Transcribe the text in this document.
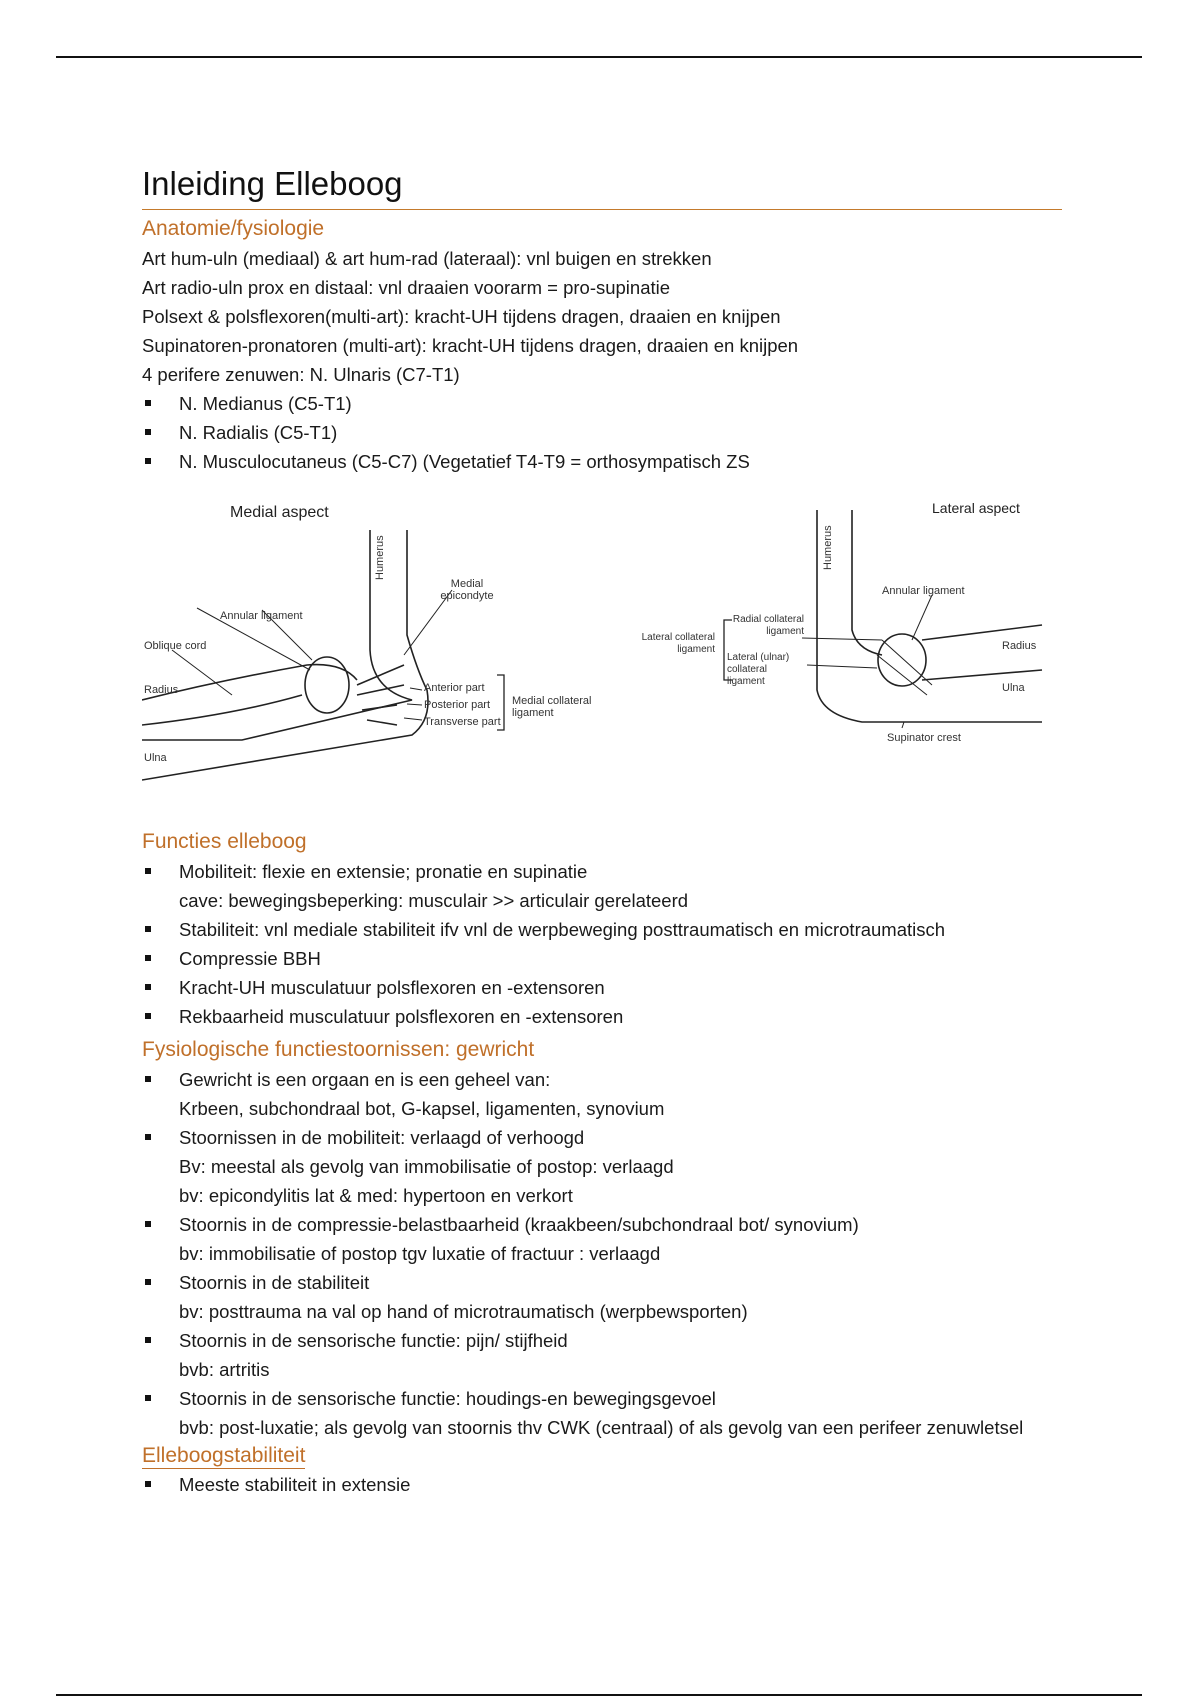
Inleiding Elleboog
Anatomie/fysiologie

Art hum-uln (mediaal) & art hum-rad (lateraal): vnl buigen en strekken

Art radio-uln prox en distaal: vnl draaien voorarm = pro-supinatie

Polsext & polsflexoren(multi-art): kracht-UH tijdens dragen, draaien en knijpen

Supinatoren-pronatoren (multi-art): kracht-UH tijdens dragen, draaien en knijpen

4 perifere zenuwen: N. Ulnaris (C7-T1)

N. Medianus (C5-T1)
N. Radialis (C5-T1)
N. Musculocutaneus (C5-C7) (Vegetatief T4-T9 = orthosympatisch ZS
Medial aspect	Lateral aspect
Humerus
Medial epicondyte
Annular ligament
Oblique cord
Radius
Ulna
Anterior part
Posterior part
Transverse part
Medial collateral ligament
Humerus
Annular ligament
Radial collateral ligament
Lateral collateral ligament
Lateral (ulnar) collateral ligament
Radius
Ulna
Supinator crest
Functies elleboog
Mobiliteit: flexie en extensie; pronatie en supinatie
cave: bewegingsbeperking: musculair >> articulair gerelateerd
Stabiliteit: vnl mediale stabiliteit ifv vnl de werpbeweging posttraumatisch en microtraumatisch
Compressie BBH
Kracht-UH musculatuur polsflexoren en -extensoren
Rekbaarheid musculatuur polsflexoren en -extensoren
Fysiologische functiestoornissen: gewricht
Gewricht is een orgaan en is een geheel van:
Krbeen, subchondraal bot, G-kapsel, ligamenten, synovium
Stoornissen in de mobiliteit: verlaagd of verhoogd
Bv: meestal als gevolg van immobilisatie of postop: verlaagd
bv: epicondylitis lat & med: hypertoon en verkort
Stoornis in de compressie-belastbaarheid (kraakbeen/subchondraal bot/ synovium)
bv: immobilisatie of postop tgv luxatie of fractuur : verlaagd
Stoornis in de stabiliteit
bv: posttrauma na val op hand of microtraumatisch (werpbewsporten)
Stoornis in de sensorische functie: pijn/ stijfheid
bvb: artritis
Stoornis in de sensorische functie: houdings-en bewegingsgevoel
bvb: post-luxatie; als gevolg van stoornis thv CWK (centraal) of als gevolg van een perifeer zenuwletsel
Elleboogstabiliteit
Meeste stabiliteit in extensie
